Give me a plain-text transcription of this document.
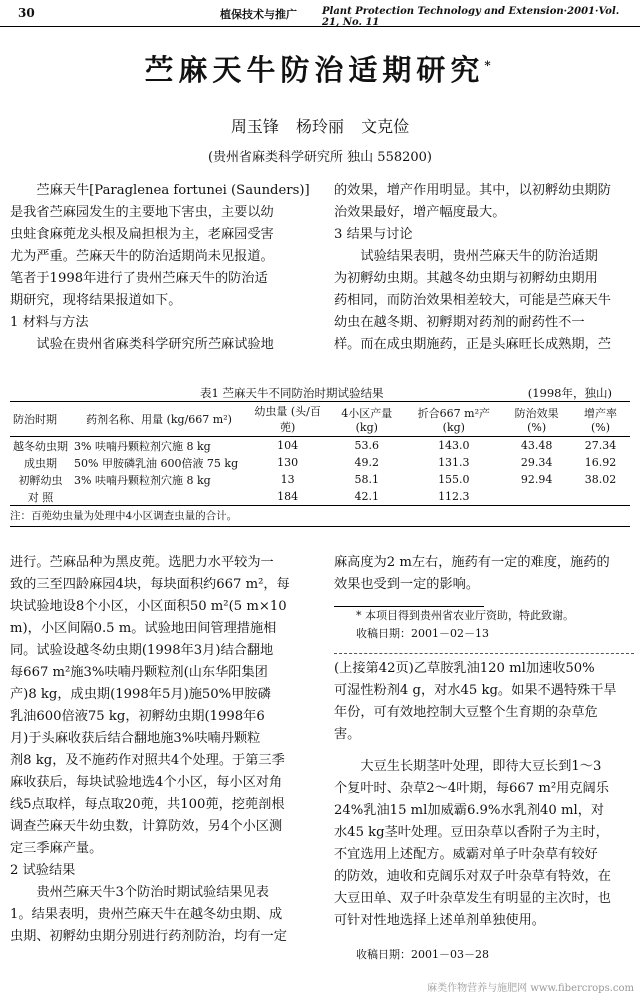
30	植保技术与推广	Plant Protection Technology and Extension·2001·Vol. 21, No. 11
苎麻天牛防治适期研究*
周玉锋 杨玲丽 文克俭
(贵州省麻类科学研究所 独山 558200)

苎麻天牛[Paraglenea fortunei (Saunders)]

是我省苎麻园发生的主要地下害虫，主要以幼

虫蛀食麻蔸龙头根及扁担根为主，老麻园受害

尤为严重。苎麻天牛的防治适期尚未见报道。

笔者于1998年进行了贵州苎麻天牛的防治适

期研究，现将结果报道如下。

1 材料与方法

试验在贵州省麻类科学研究所苎麻试验地

的效果，增产作用明显。其中，以初孵幼虫期防

治效果最好，增产幅度最大。

3 结果与讨论

试验结果表明，贵州苎麻天牛的防治适期

为初孵幼虫期。其越冬幼虫期与初孵幼虫期用

药相同，而防治效果相差较大，可能是苎麻天牛

幼虫在越冬期、初孵期对药剂的耐药性不一

样。而在成虫期施药，正是头麻旺长成熟期，苎

表1 苎麻天牛不同防治时期试验结果	(1998年，独山)
防治时期	药剂名称、用量 (kg/667 m²)	幼虫量 (头/百蔸)	4小区产量 (kg)	折合667 m²产 (kg)	防治效果 (%)	增产率 (%)
越冬幼虫期	3% 呋喃丹颗粒剂穴施 8 kg	104	53.6	143.0	43.48	27.34
成虫期	50% 甲胺磷乳油 600倍液 75 kg	130	49.2	131.3	29.34	16.92
初孵幼虫	3% 呋喃丹颗粒剂穴施 8 kg	13	58.1	155.0	92.94	38.02
对 照		184	42.1	112.3		
注：百蔸幼虫量为处理中4小区调查虫量的合计。

进行。苎麻品种为黑皮蔸。选肥力水平较为一

致的三至四龄麻园4块，每块面积约667 m²，每

块试验地设8个小区，小区面积50 m²(5 m×10

m)，小区间隔0.5 m。试验地田间管理措施相

同。试验设越冬幼虫期(1998年3月)结合翻地

每667 m²施3%呋喃丹颗粒剂(山东华阳集团

产)8 kg，成虫期(1998年5月)施50%甲胺磷

乳油600倍液75 kg，初孵幼虫期(1998年6

月)于头麻收获后结合翻地施3%呋喃丹颗粒

剂8 kg，及不施药作对照共4个处理。于第三季

麻收获后，每块试验地选4个小区，每小区对角

线5点取样，每点取20蔸，共100蔸，挖蔸剖根

调查苎麻天牛幼虫数，计算防效，另4个小区测

定三季麻产量。

2 试验结果

贵州苎麻天牛3个防治时期试验结果见表

1。结果表明，贵州苎麻天牛在越冬幼虫期、成

虫期、初孵幼虫期分别进行药剂防治，均有一定

麻高度为2 m左右，施药有一定的难度，施药的

效果也受到一定的影响。

* 本项目得到贵州省农业厅资助，特此致谢。

收稿日期：2001－02－13

(上接第42页)乙草胺乳油120 ml加速收50%

可湿性粉剂4 g，对水45 kg。如果不遇特殊干旱

年份，可有效地控制大豆整个生育期的杂草危

害。

大豆生长期茎叶处理，即待大豆长到1～3

个复叶时、杂草2～4叶期，每667 m²用克阔乐

24%乳油15 ml加威霸6.9%水乳剂40 ml，对

水45 kg茎叶处理。豆田杂草以香附子为主时，

不宜选用上述配方。威霸对单子叶杂草有较好

的防效，迪收和克阔乐对双子叶杂草有特效，在

大豆田单、双子叶杂草发生有明显的主次时，也

可针对性地选择上述单剂单独使用。

收稿日期：2001－03－28

麻类作物营养与施肥网 www.fibercrops.com
